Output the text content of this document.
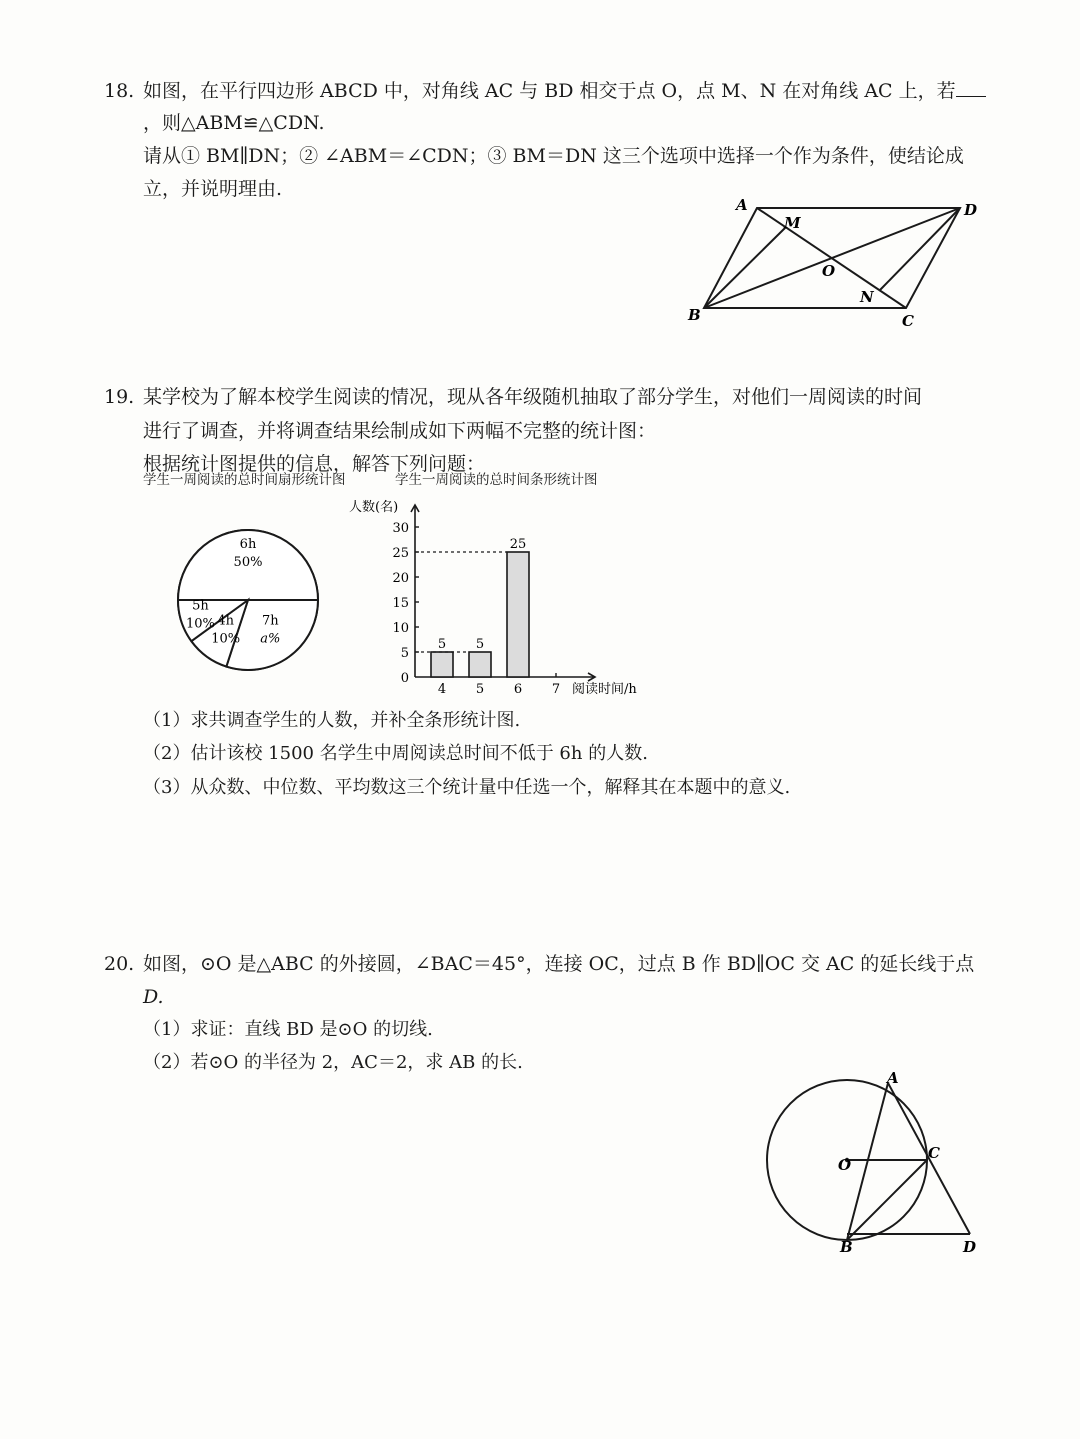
18. 如图，在平行四边形 ABCD 中，对角线 AC 与 BD 相交于点 O，点 M、N 在对角线 AC 上，若
，则△ABM≌△CDN.
请从① BM∥DN；② ∠ABM＝∠CDN；③ BM＝DN 这三个选项中选择一个作为条件，使结论成
立，并说明理由.
A	D
B	C
M
N
O
19. 某学校为了解本校学生阅读的情况，现从各年级随机抽取了部分学生，对他们一周阅读的时间
进行了调查，并将调查结果绘制成如下两幅不完整的统计图：
根据统计图提供的信息，解答下列问题：
学生一周阅读的总时间扇形统计图	学生一周阅读的总时间条形统计图
6h
50%
7h
a%
4h
10%
5h
10%
0
5
10
15
20
25
30
4 5 6 7
5 5
25
人数(名)
阅读时间/h
（1）求共调查学生的人数，并补全条形统计图.
（2）估计该校 1500 名学生中周阅读总时间不低于 6h 的人数.
（3）从众数、中位数、平均数这三个统计量中任选一个，解释其在本题中的意义.
20. 如图，⊙O 是△ABC 的外接圆，∠BAC＝45°，连接 OC，过点 B 作 BD∥OC 交 AC 的延长线于点
D.
（1）求证：直线 BD 是⊙O 的切线.
（2）若⊙O 的半径为 2，AC＝2，求 AB 的长.
A
O
C
B	D
